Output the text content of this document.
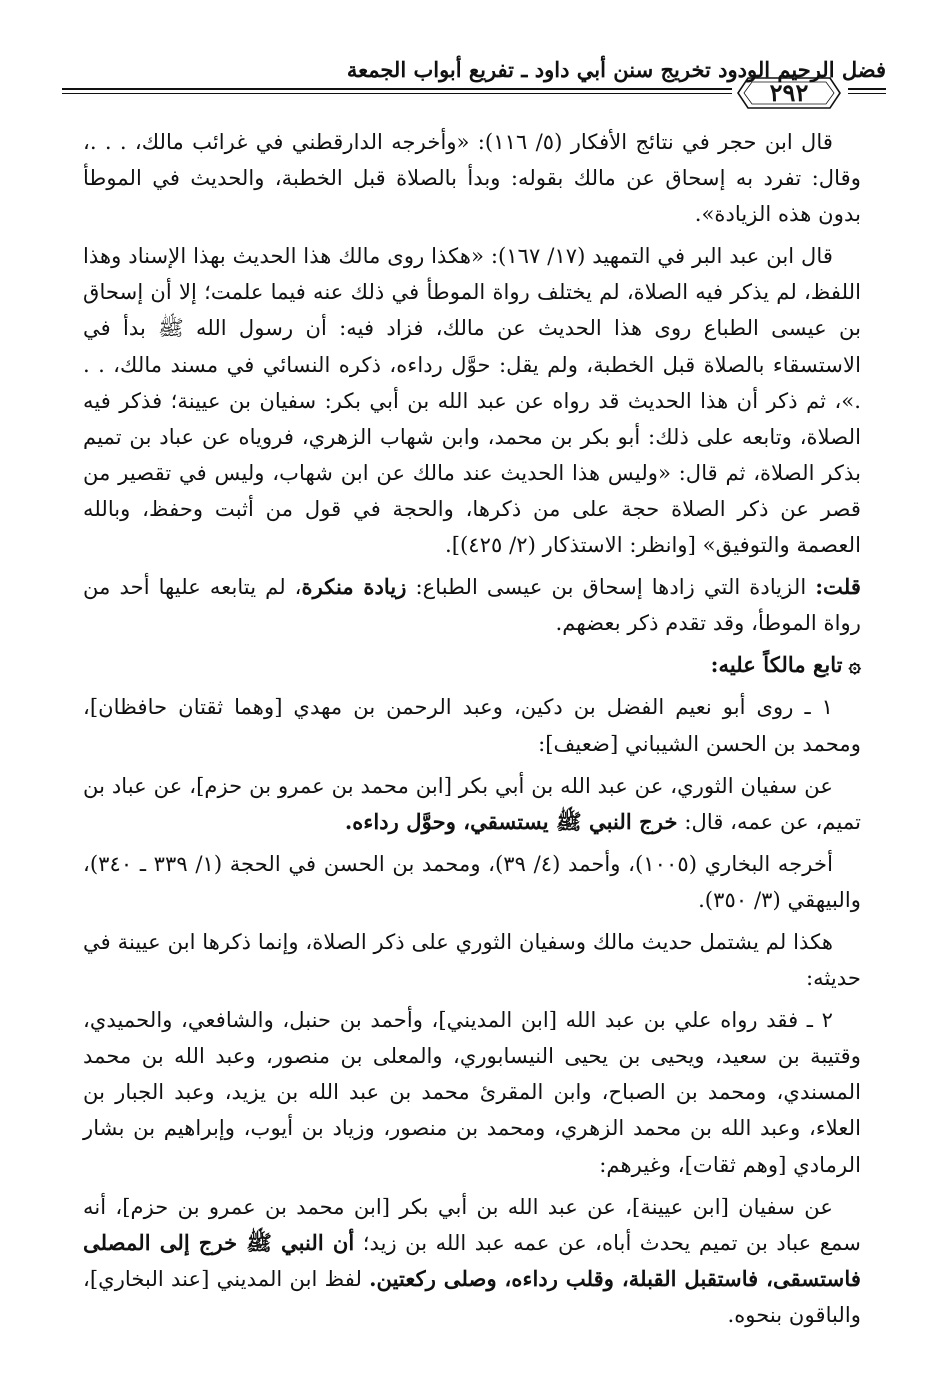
فضل الرحيم الودود تخريج سنن أبي داود ـ تفريع أبواب الجمعة
٢٩٢

قال ابن حجر في نتائج الأفكار (٥/ ١١٦): «وأخرجه الدارقطني في غرائب مالك، . . .، وقال: تفرد به إسحاق عن مالك بقوله: وبدأ بالصلاة قبل الخطبة، والحديث في الموطأ بدون هذه الزيادة».

قال ابن عبد البر في التمهيد (١٧/ ١٦٧): «هكذا روى مالك هذا الحديث بهذا الإسناد وهذا اللفظ، لم يذكر فيه الصلاة، لم يختلف رواة الموطأ في ذلك عنه فيما علمت؛ إلا أن إسحاق بن عيسى الطباع روى هذا الحديث عن مالك، فزاد فيه: أن رسول الله ﷺ بدأ في الاستسقاء بالصلاة قبل الخطبة، ولم يقل: حوَّل رداءه، ذكره النسائي في مسند مالك، . . .»، ثم ذكر أن هذا الحديث قد رواه عن عبد الله بن أبي بكر: سفيان بن عيينة؛ فذكر فيه الصلاة، وتابعه على ذلك: أبو بكر بن محمد، وابن شهاب الزهري، فروياه عن عباد بن تميم بذكر الصلاة، ثم قال: «وليس هذا الحديث عند مالك عن ابن شهاب، وليس في تقصير من قصر عن ذكر الصلاة حجة على من ذكرها، والحجة في قول من أثبت وحفظ، وبالله العصمة والتوفيق» [وانظر: الاستذكار (٢/ ٤٢٥)].

قلت: الزيادة التي زادها إسحاق بن عيسى الطباع: زيادة منكرة، لم يتابعه عليها أحد من رواة الموطأ، وقد تقدم ذكر بعضهم.

۞تابع مالكاً عليه:

١ ـ روى أبو نعيم الفضل بن دكين، وعبد الرحمن بن مهدي [وهما ثقتان حافظان]، ومحمد بن الحسن الشيباني [ضعيف]:

عن سفيان الثوري، عن عبد الله بن أبي بكر [ابن محمد بن عمرو بن حزم]، عن عباد بن تميم، عن عمه، قال: خرج النبي ﷺ يستسقي، وحوَّل رداءه.

أخرجه البخاري (١٠٠٥)، وأحمد (٤/ ٣٩)، ومحمد بن الحسن في الحجة (١/ ٣٣٩ ـ ٣٤٠)، والبيهقي (٣/ ٣٥٠).

هكذا لم يشتمل حديث مالك وسفيان الثوري على ذكر الصلاة، وإنما ذكرها ابن عيينة في حديثه:

٢ ـ فقد رواه علي بن عبد الله [ابن المديني]، وأحمد بن حنبل، والشافعي، والحميدي، وقتيبة بن سعيد، ويحيى بن يحيى النيسابوري، والمعلى بن منصور، وعبد الله بن محمد المسندي، ومحمد بن الصباح، وابن المقرئ محمد بن عبد الله بن يزيد، وعبد الجبار بن العلاء، وعبد الله بن محمد الزهري، ومحمد بن منصور، وزياد بن أيوب، وإبراهيم بن بشار الرمادي [وهم ثقات]، وغيرهم:

عن سفيان [ابن عيينة]، عن عبد الله بن أبي بكر [ابن محمد بن عمرو بن حزم]، أنه سمع عباد بن تميم يحدث أباه، عن عمه عبد الله بن زيد؛ أن النبي ﷺ خرج إلى المصلى فاستسقى، فاستقبل القبلة، وقلب رداءه، وصلى ركعتين. لفظ ابن المديني [عند البخاري]، والباقون بنحوه.
